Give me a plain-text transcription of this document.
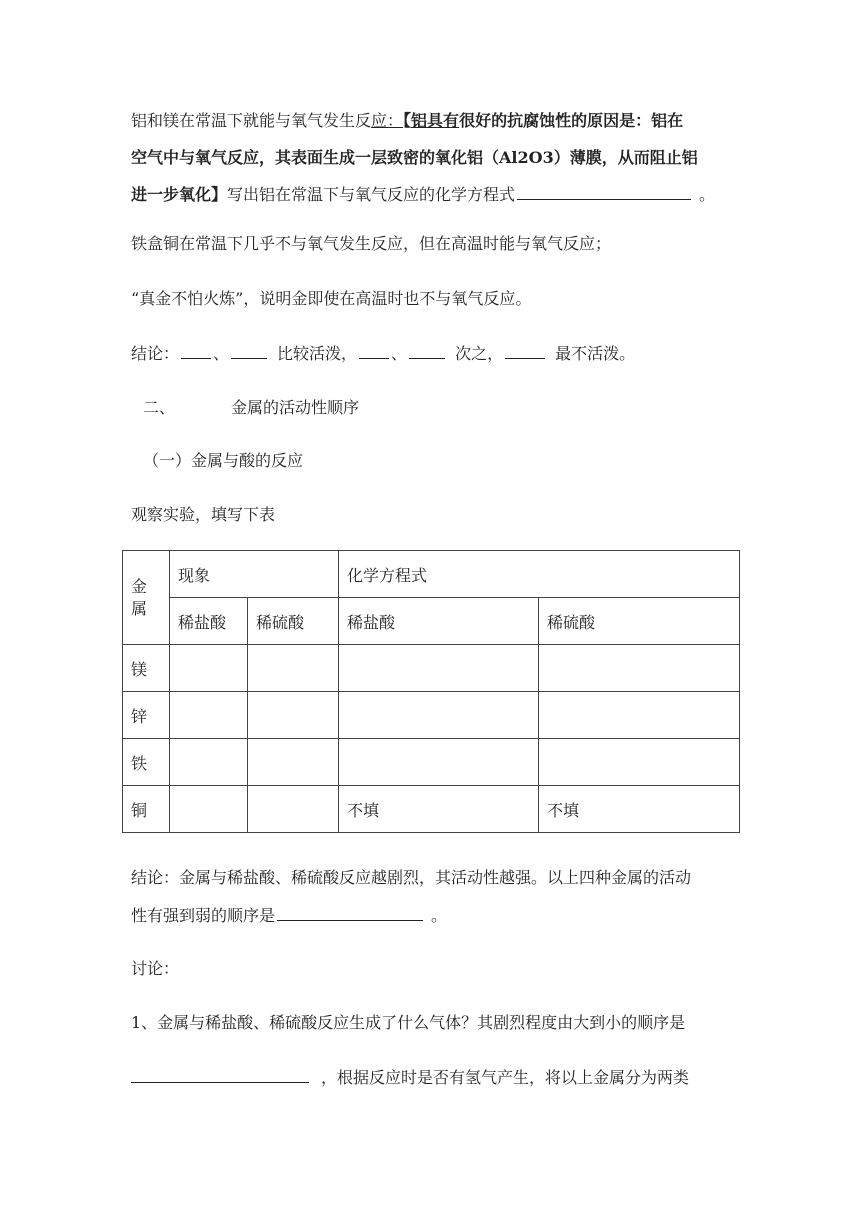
铝和镁在常温下就能与氧气发生反应：【铝具有很好的抗腐蚀性的原因是：铝在
空气中与氧气反应，其表面生成一层致密的氧化铝（Al2O3）薄膜，从而阻止铝
进一步氧化】写出铝在常温下与氧气反应的化学方程式	。
铁盒铜在常温下几乎不与氧气发生反应，但在高温时能与氧气反应；
“真金不怕火炼”，说明金即使在高温时也不与氧气反应。
结论： 、	比较活泼， 、	次之，	最不活泼。
二、	金属的活动性顺序
（一）金属与酸的反应
观察实验，填写下表
金属	现象		化学方程式	
	稀盐酸	稀硫酸	稀盐酸	稀硫酸
镁				
锌				
铁				
铜			不填	不填
结论：金属与稀盐酸、稀硫酸反应越剧烈，其活动性越强。以上四种金属的活动
性有强到弱的顺序是	。
讨论：
1、金属与稀盐酸、稀硫酸反应生成了什么气体？其剧烈程度由大到小的顺序是
，根据反应时是否有氢气产生，将以上金属分为两类
